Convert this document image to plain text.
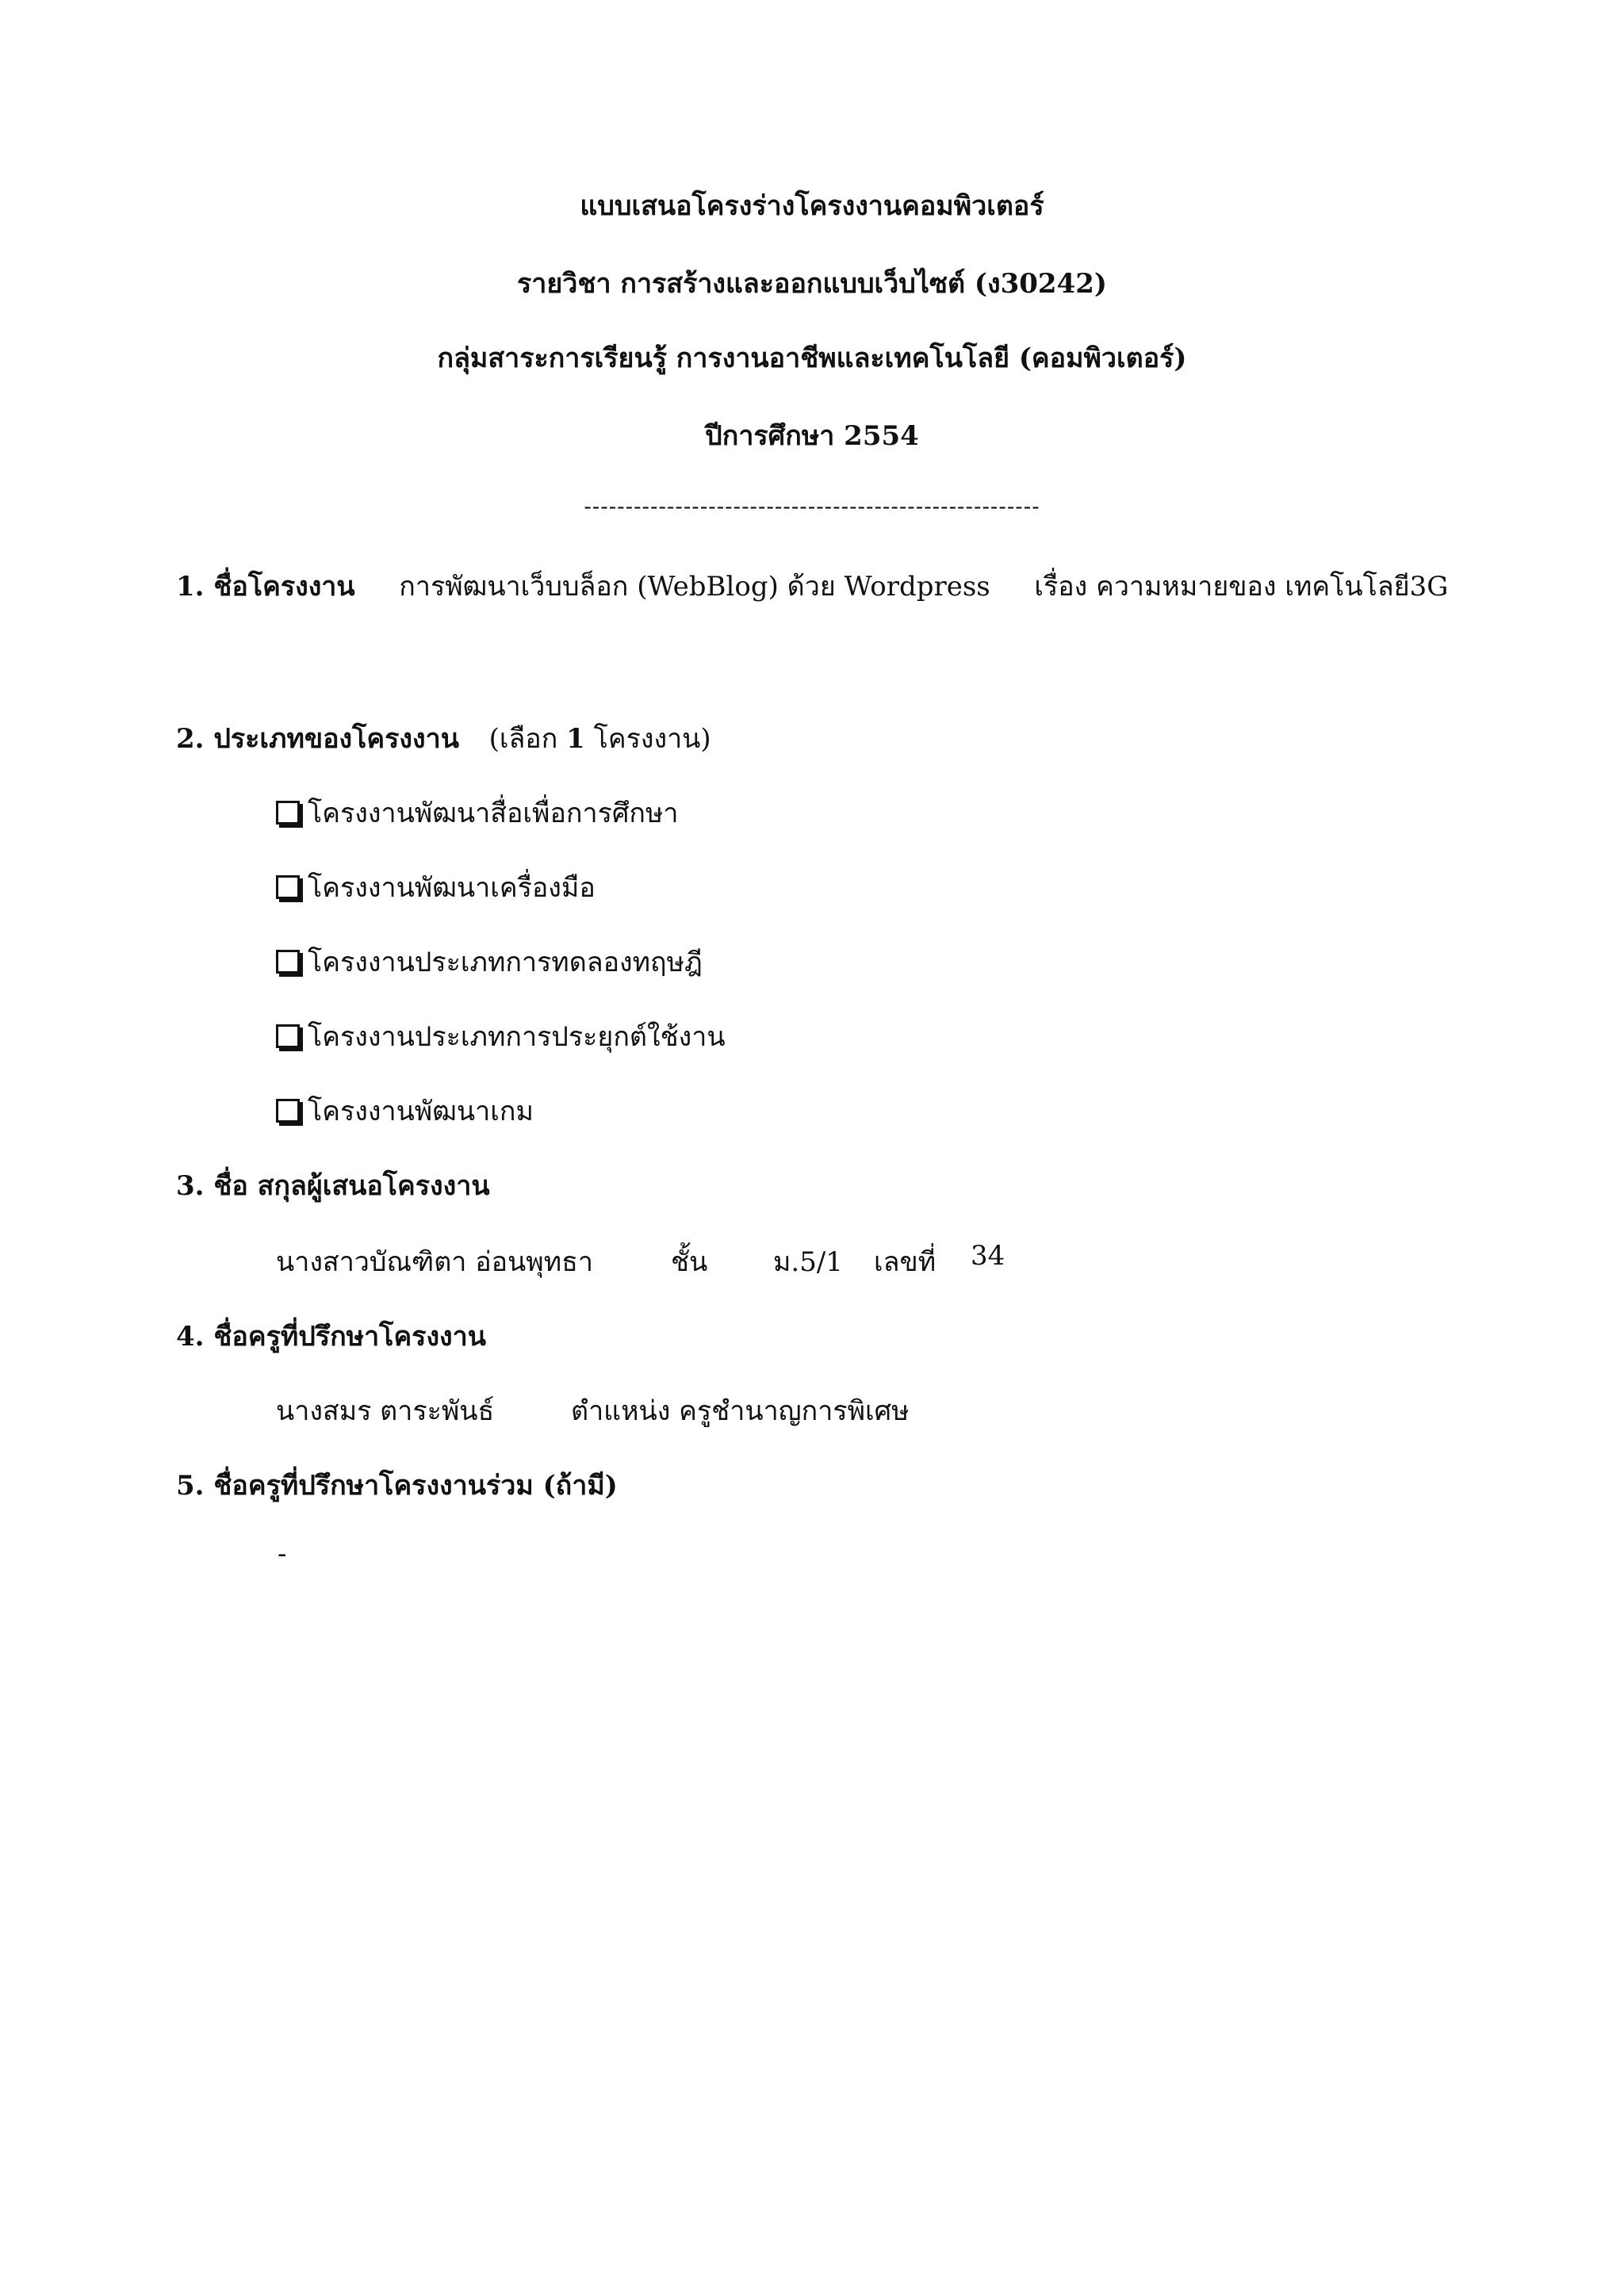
แบบเสนอโครงร่างโครงงานคอมพิวเตอร์
รายวิชา การสร้างและออกแบบเว็บไซต์ (ง30242)
กลุ่มสาระการเรียนรู้ การงานอาชีพและเทคโนโลยี (คอมพิวเตอร์)
ปีการศึกษา 2554
-------------------------------------------------------
1. ชื่อโครงงาน การพัฒนาเว็บบล็อก (WebBlog) ด้วย Wordpress เรื่อง ความหมายของ เทคโนโลยี3G
2. ประเภทของโครงงาน (เลือก 1 โครงงาน)
โครงงานพัฒนาสื่อเพื่อการศึกษา
โครงงานพัฒนาเครื่องมือ
โครงงานประเภทการทดลองทฤษฎี
โครงงานประเภทการประยุกต์ใช้งาน
โครงงานพัฒนาเกม
3. ชื่อ สกุลผู้เสนอโครงงาน
นางสาวบัณฑิตา อ่อนพุทธา	ชั้น ม.5/1 เลขที่ 34
4. ชื่อครูที่ปรึกษาโครงงาน
นางสมร ตาระพันธ์	ตำแหน่ง ครูชำนาญการพิเศษ
5. ชื่อครูที่ปรึกษาโครงงานร่วม (ถ้ามี)
-
